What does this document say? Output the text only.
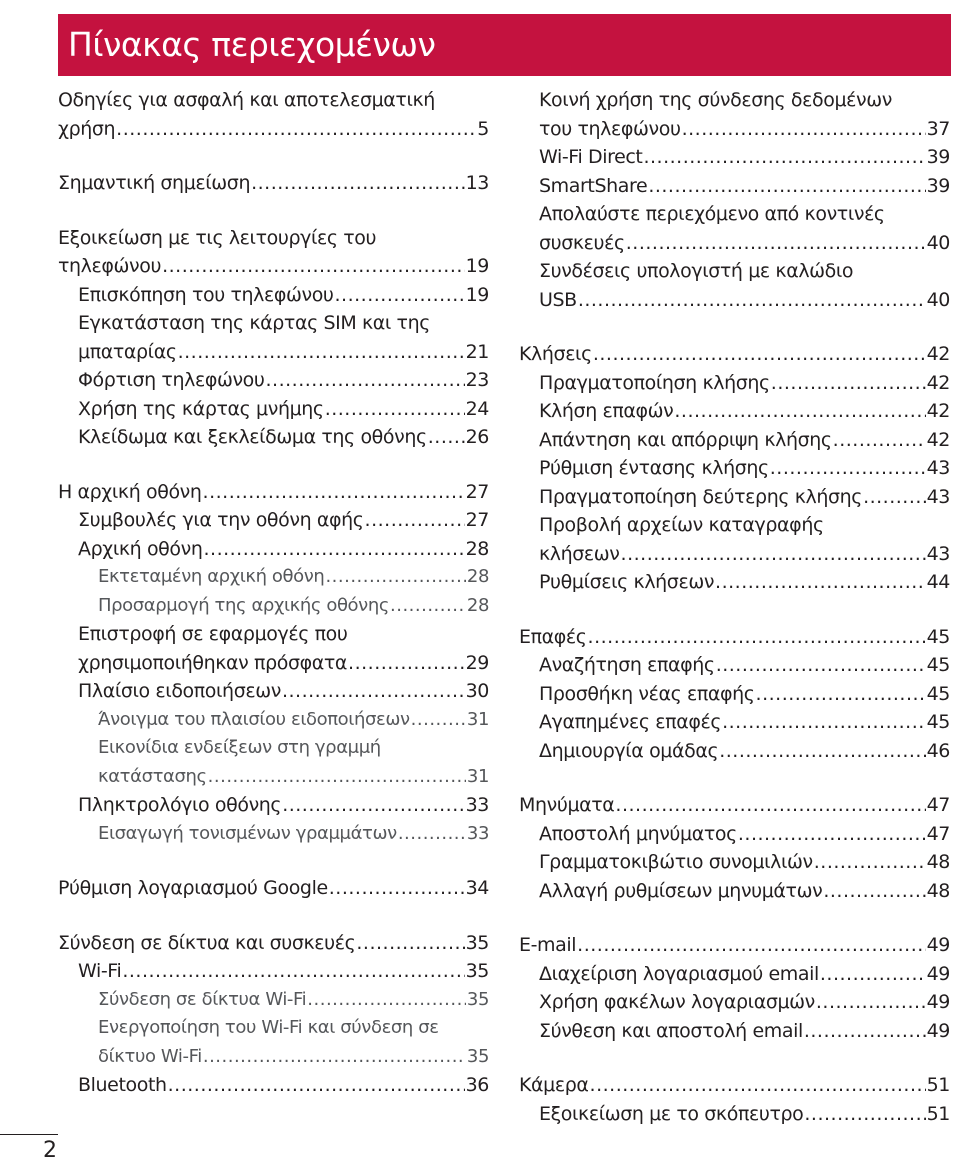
Πίνακας περιεχομένων
Οδηγίες για ασφαλή και αποτελεσματική
χρήση .....	5
Σημαντική σημείωση .....	13
Εξοικείωση με τις λειτουργίες του
τηλεφώνου .....	19
Επισκόπηση του τηλεφώνου .....	19
Εγκατάσταση της κάρτας SIM και της
μπαταρίας .....	21
Φόρτιση τηλεφώνου .....	23
Χρήση της κάρτας μνήμης .....	24
Κλείδωμα και ξεκλείδωμα της οθόνης ..... 26
Η αρχική οθόνη .....	27
Συμβουλές για την οθόνη αφής .....	27
Αρχική οθόνη .....	28
Εκτεταμένη αρχική οθόνη .....	28
Προσαρμογή της αρχικής οθόνης .....	28
Επιστροφή σε εφαρμογές που
χρησιμοποιήθηκαν πρόσφατα .....	29
Πλαίσιο ειδοποιήσεων .....	30
Άνοιγμα του πλαισίου ειδοποιήσεων .....	31
Εικονίδια ενδείξεων στη γραμμή
κατάστασης .....	31
Πληκτρολόγιο οθόνης .....	33
Εισαγωγή τονισμένων γραμμάτων .....	33
Ρύθμιση λογαριασμού Google .....	34
Σύνδεση σε δίκτυα και συσκευές .....	35
Wi-Fi .....	35
Σύνδεση σε δίκτυα Wi-Fi .....	35
Ενεργοποίηση του Wi-Fi και σύνδεση σε
δίκτυο Wi-Fi .....	35
Bluetooth .....	36
Κοινή χρήση της σύνδεσης δεδομένων
του τηλεφώνου .....	37
Wi-Fi Direct .....	39
SmartShare .....	39
Απολαύστε περιεχόμενο από κοντινές
συσκευές .....	40
Συνδέσεις υπολογιστή με καλώδιο
USB .....	40
Κλήσεις .....	42
Πραγματοποίηση κλήσης .....	42
Κλήση επαφών .....	42
Απάντηση και απόρριψη κλήσης .....	42
Ρύθμιση έντασης κλήσης .....	43
Πραγματοποίηση δεύτερης κλήσης .....	43
Προβολή αρχείων καταγραφής
κλήσεων .....	43
Ρυθμίσεις κλήσεων .....	44
Επαφές .....	45
Αναζήτηση επαφής .....	45
Προσθήκη νέας επαφής .....	45
Αγαπημένες επαφές .....	45
Δημιουργία ομάδας .....	46
Μηνύματα .....	47
Αποστολή μηνύματος .....	47
Γραμματοκιβώτιο συνομιλιών .....	48
Αλλαγή ρυθμίσεων μηνυμάτων .....	48
E-mail .....	49
Διαχείριση λογαριασμού email .....	49
Χρήση φακέλων λογαριασμών .....	49
Σύνθεση και αποστολή email .....	49
Κάμερα .....	51
Εξοικείωση με το σκόπευτρο .....	51
2
